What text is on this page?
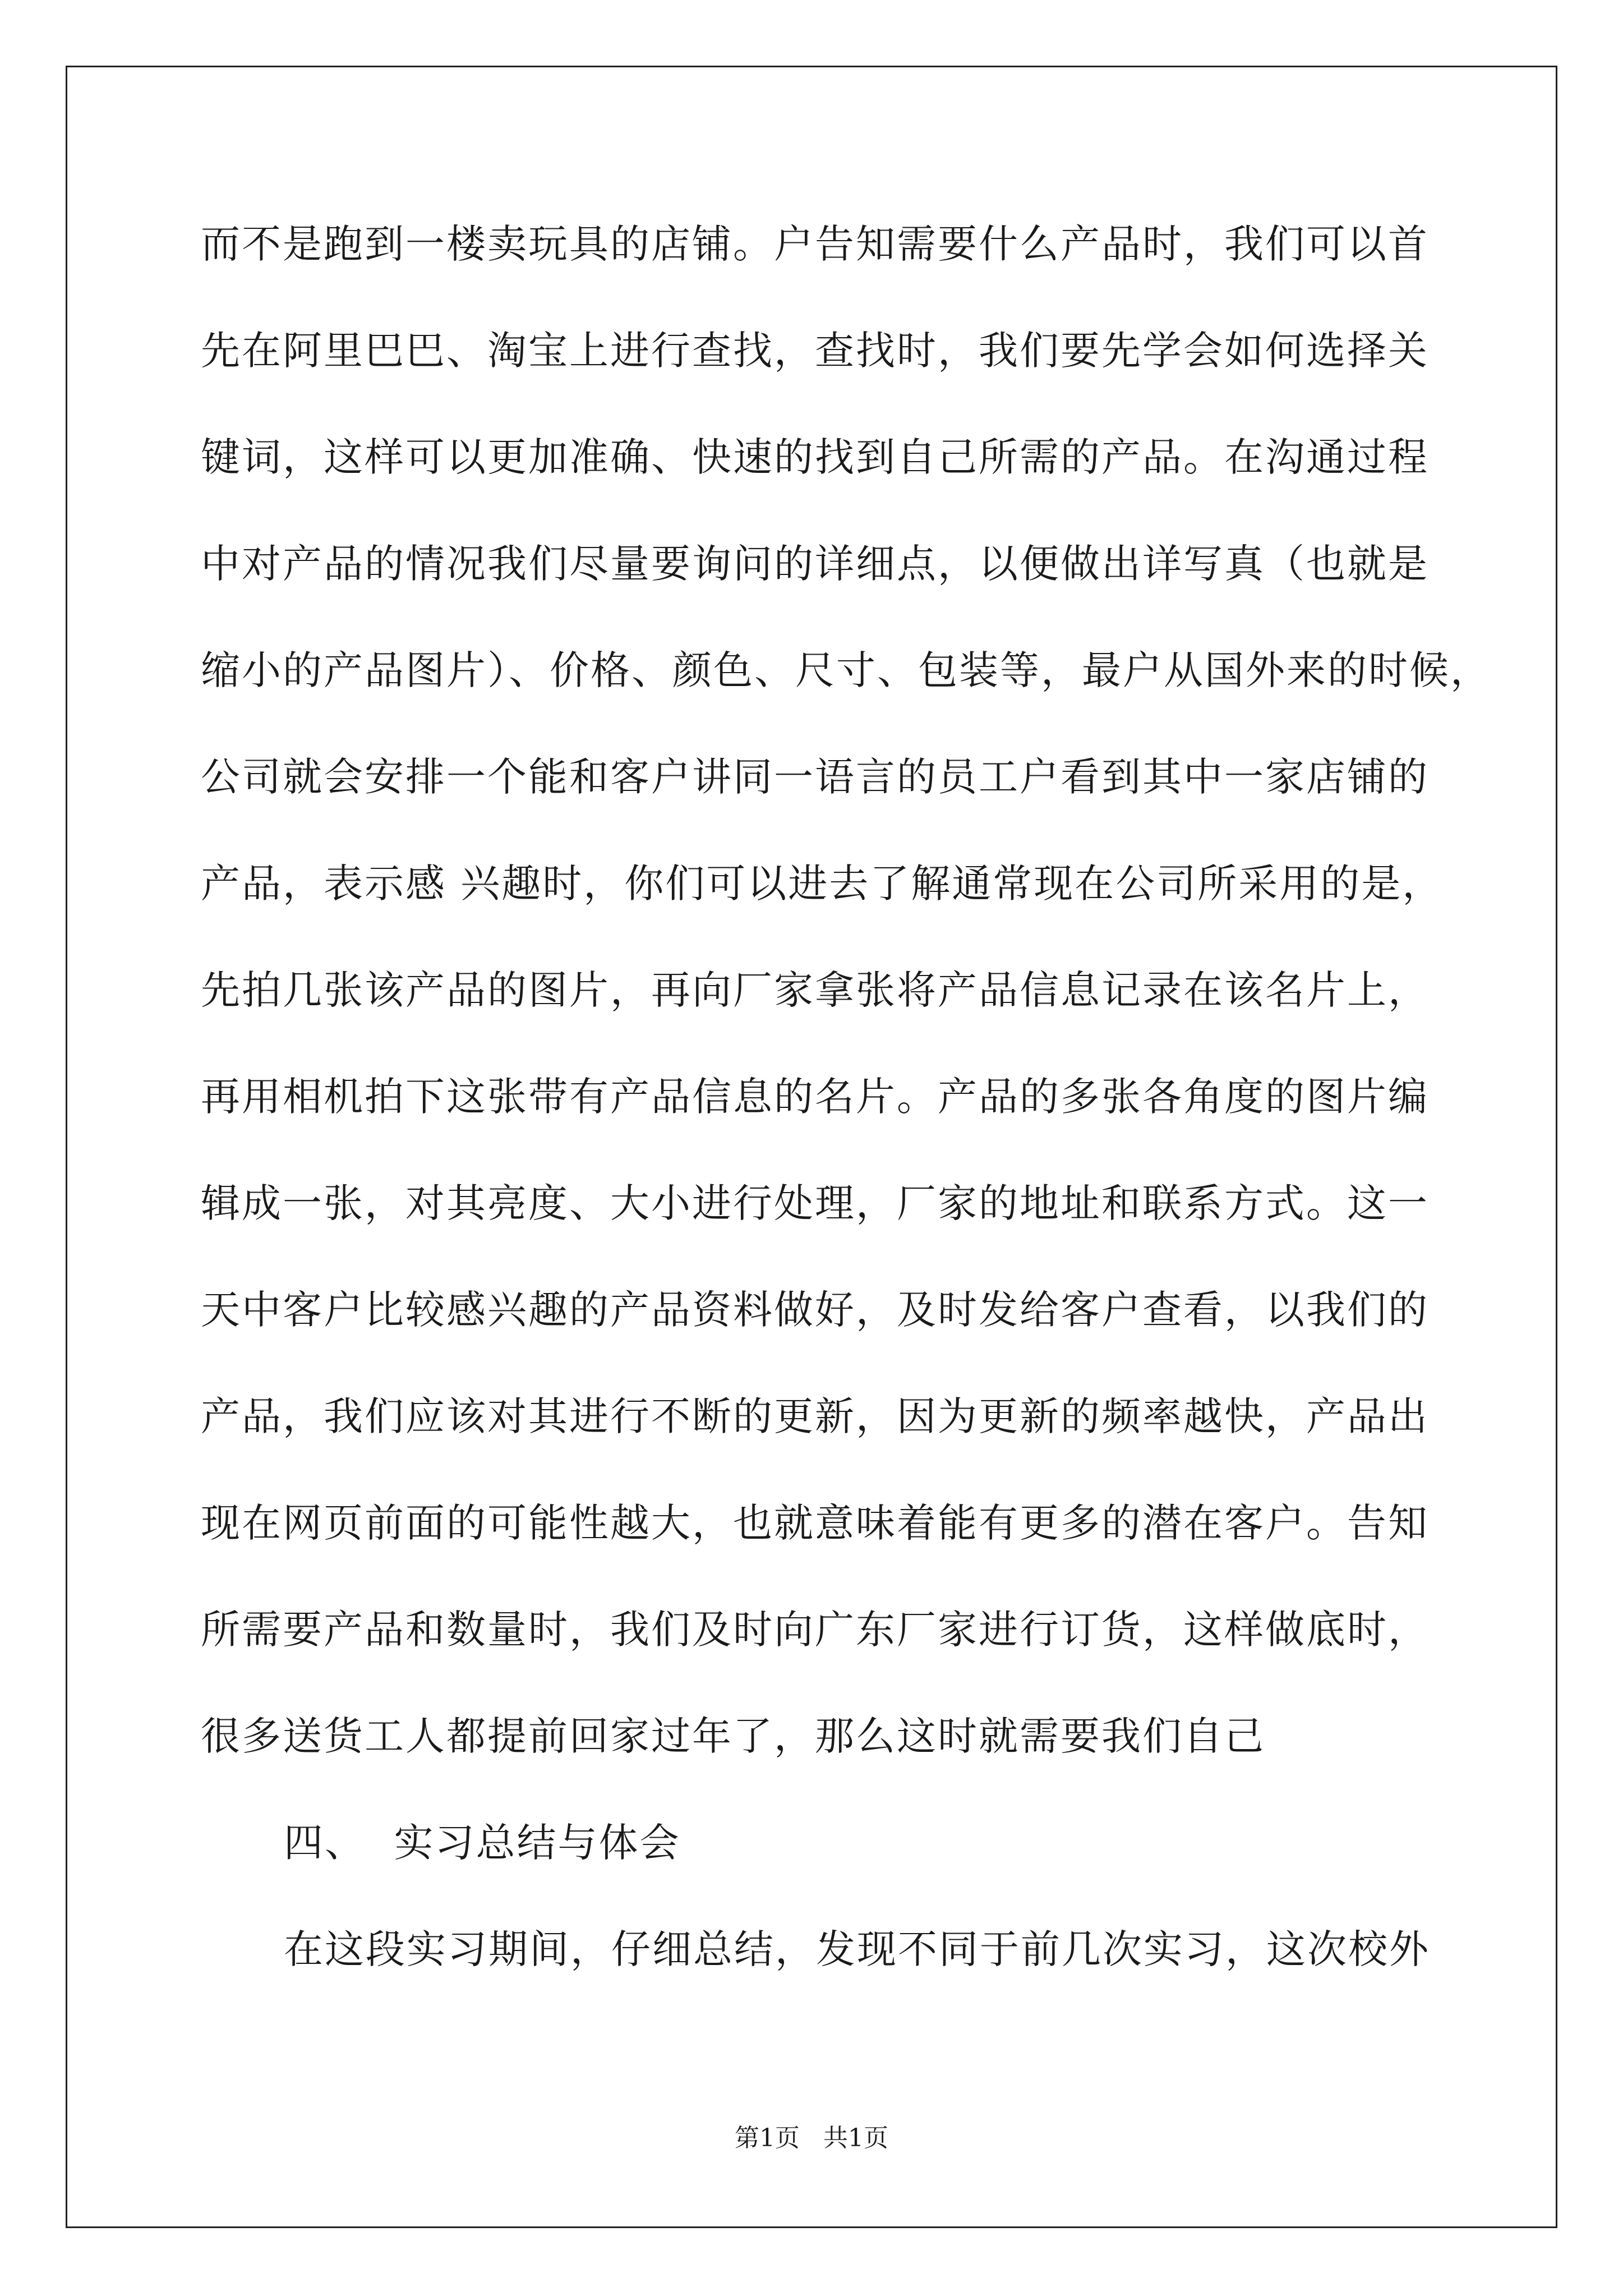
而不是跑到一楼卖玩具的店铺。户告知需要什么产品时，我们可以首
先在阿里巴巴、淘宝上进行查找，查找时，我们要先学会如何选择关
键词，这样可以更加准确、快速的找到自己所需的产品。在沟通过程
中对产品的情况我们尽量要询问的详细点，以便做出详写真（也就是
缩小的产品图片）、价格、颜色、尺寸、包装等，最户从国外来的时候，
公司就会安排一个能和客户讲同一语言的员工户看到其中一家店铺的
产品，表示感 兴趣时，你们可以进去了解通常现在公司所采用的是，
先拍几张该产品的图片，再向厂家拿张将产品信息记录在该名片上，
再用相机拍下这张带有产品信息的名片。产品的多张各角度的图片编
辑成一张，对其亮度、大小进行处理，厂家的地址和联系方式。这一
天中客户比较感兴趣的产品资料做好，及时发给客户查看，以我们的
产品，我们应该对其进行不断的更新，因为更新的频率越快，产品出
现在网页前面的可能性越大，也就意味着能有更多的潜在客户。告知
所需要产品和数量时，我们及时向广东厂家进行订货，这样做底时，
很多送货工人都提前回家过年了，那么这时就需要我们自己
四、  实习总结与体会
在这段实习期间，仔细总结，发现不同于前几次实习，这次校外
第1页   共1页
